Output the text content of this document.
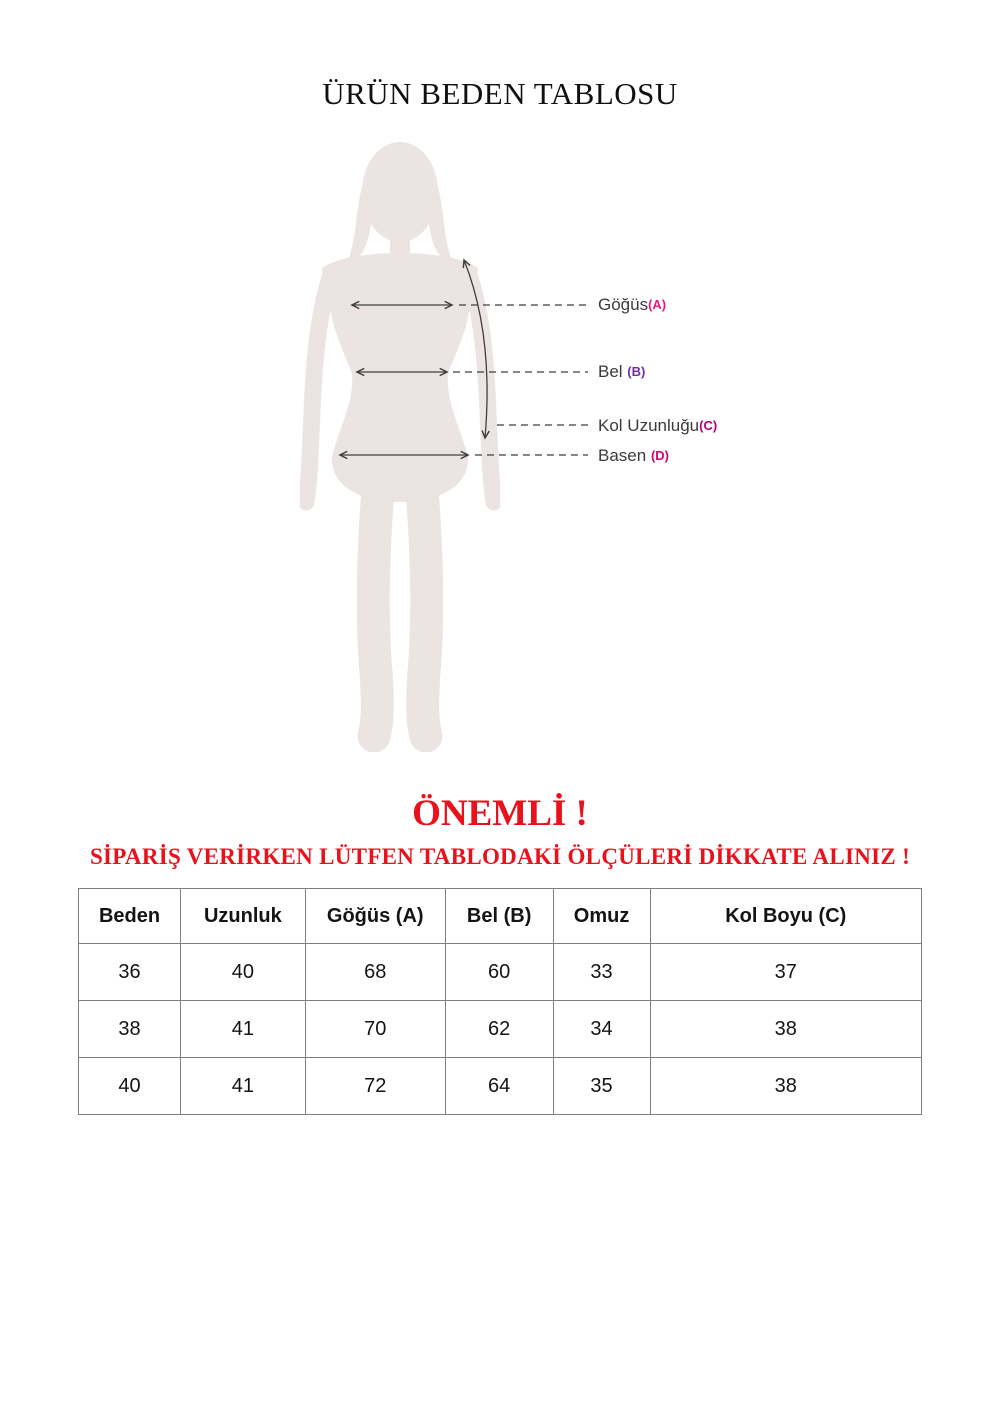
ÜRÜN BEDEN TABLOSU
Göğüs(A)
Bel (B)
Kol Uzunluğu(C)
Basen (D)
ÖNEMLİ !
SİPARİŞ VERİRKEN LÜTFEN TABLODAKİ ÖLÇÜLERİ DİKKATE ALINIZ !
Beden	Uzunluk	Göğüs (A)	Bel (B)	Omuz	Kol Boyu (C)
36	40	68	60	33	37
38	41	70	62	34	38
40	41	72	64	35	38
